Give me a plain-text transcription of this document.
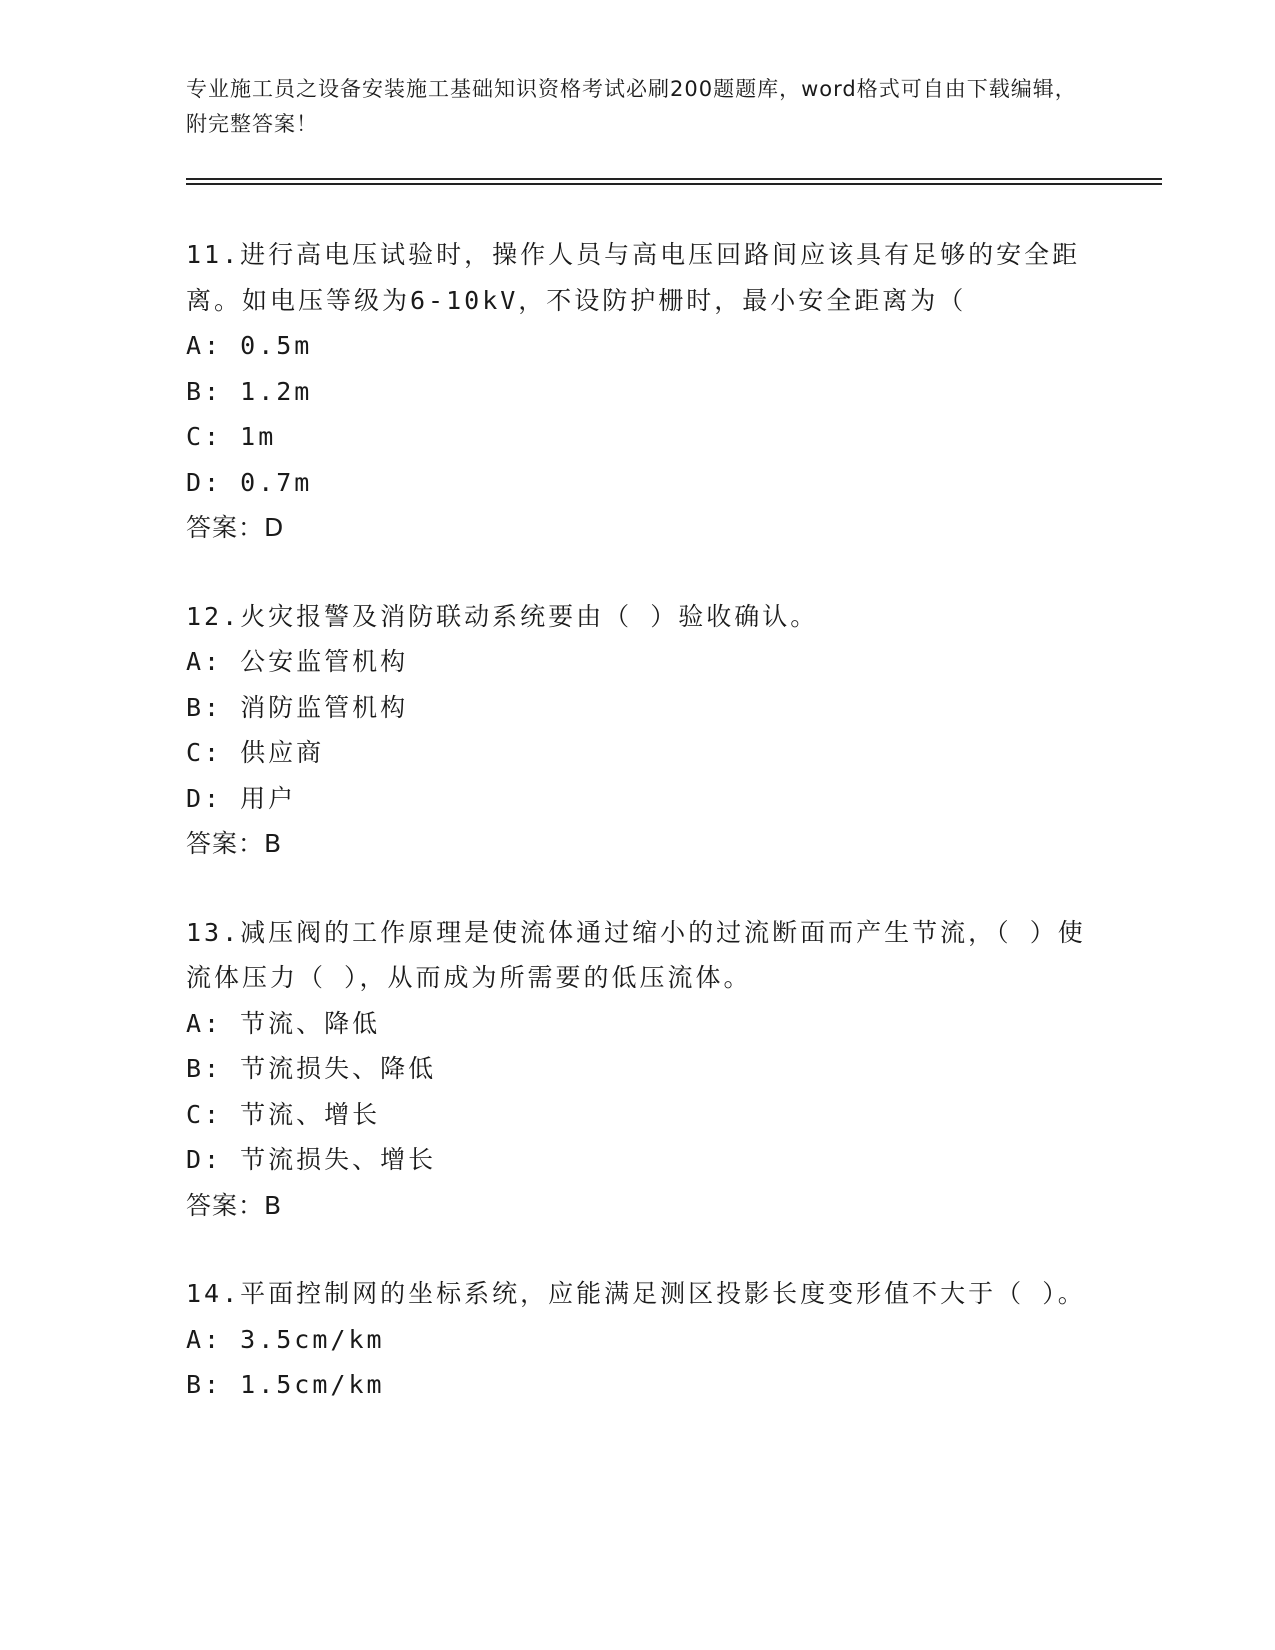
专业施工员之设备安装施工基础知识资格考试必刷200题题库，word格式可自由下载编辑，附完整答案！
11.进行高电压试验时，操作人员与高电压回路间应该具有足够的安全距离。如电压等级为6-10kV，不设防护栅时，最小安全距离为（
A: 0.5m
B: 1.2m
C: 1m
D: 0.7m
答案：D
12.火灾报警及消防联动系统要由（ ）验收确认。
A: 公安监管机构
B: 消防监管机构
C: 供应商
D: 用户
答案：B
13.减压阀的工作原理是使流体通过缩小的过流断面而产生节流，（ ）使流体压力（ ），从而成为所需要的低压流体。
A: 节流、降低
B: 节流损失、降低
C: 节流、增长
D: 节流损失、增长
答案：B
14.平面控制网的坐标系统，应能满足测区投影长度变形值不大于（ ）。
A: 3.5cm/km
B: 1.5cm/km
